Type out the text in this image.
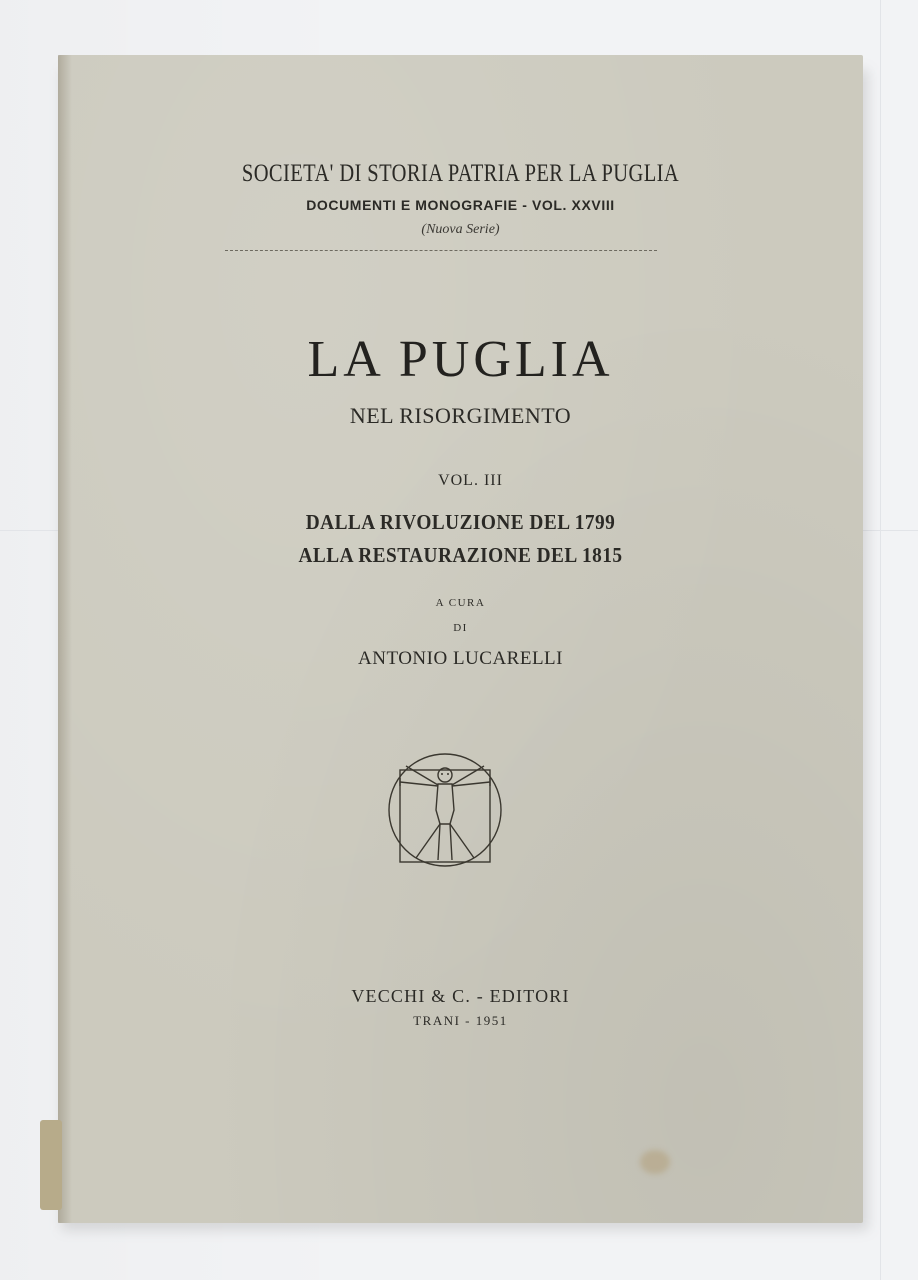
SOCIETA' DI STORIA PATRIA PER LA PUGLIA
DOCUMENTI E MONOGRAFIE - VOL. XXVIII
(Nuova Serie)
LA PUGLIA
NEL RISORGIMENTO
VOL. III
DALLA RIVOLUZIONE DEL 1799
ALLA RESTAURAZIONE DEL 1815
A CURA
DI
ANTONIO LUCARELLI
VECCHI & C. - EDITORI
TRANI - 1951
